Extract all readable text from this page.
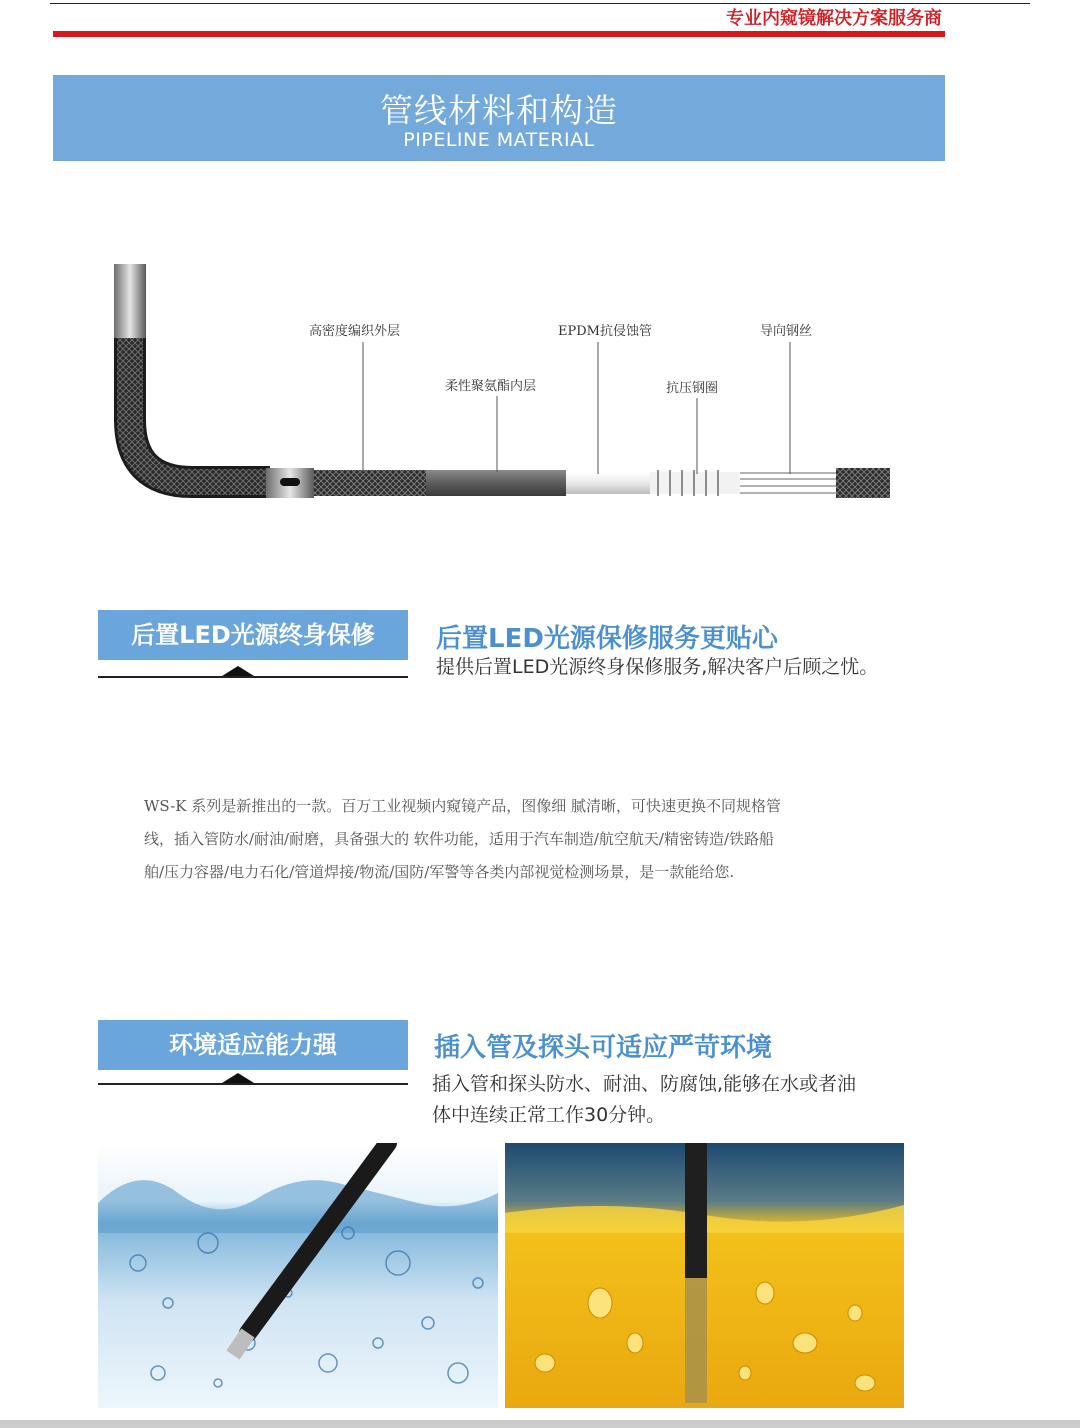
专业内窥镜解决方案服务商
管线材料和构造
PIPELINE MATERIAL
高密度编织外层
柔性聚氨酯内层
EPDM抗侵蚀管
抗压钢圈
导向钢丝
后置LED光源终身保修	后置LED光源保修服务更贴心
提供后置LED光源终身保修服务,解决客户后顾之忧。
WS-K 系列是新推出的一款。百万工业视频内窥镜产品，图像细 腻清晰，可快速更换不同规格管
线，插入管防水/耐油/耐磨，具备强大的 软件功能，适用于汽车制造/航空航天/精密铸造/铁路船
舶/压力容器/电力石化/管道焊接/物流/国防/军警等各类内部视觉检测场景，是一款能给您.
环境适应能力强	插入管及探头可适应严苛环境
插入管和探头防水、耐油、防腐蚀,能够在水或者油
体中连续正常工作30分钟。
